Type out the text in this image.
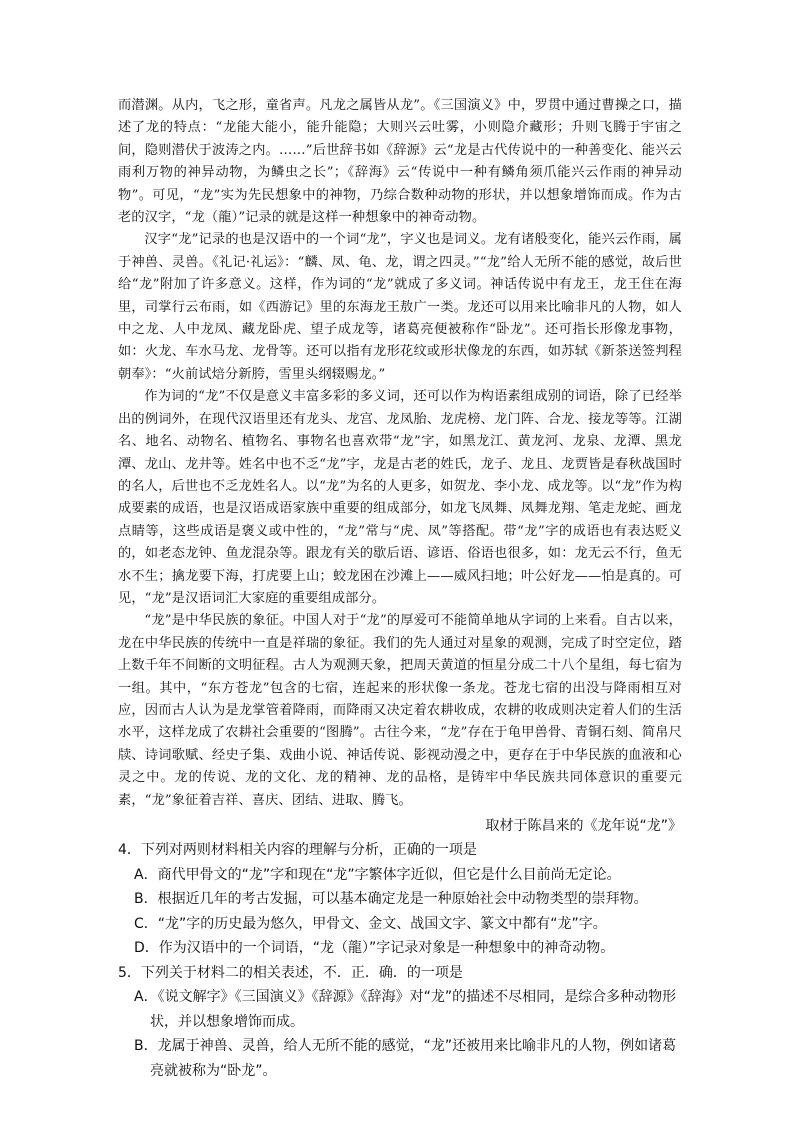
而潜渊。从内，飞之形，童省声。凡龙之属皆从龙”。《三国演义》中，罗贯中通过曹操之口，描述了龙的特点：“龙能大能小，能升能隐；大则兴云吐雾，小则隐介藏形；升则飞腾于宇宙之间，隐则潜伏于波涛之内。……”后世辞书如《辞源》云“龙是古代传说中的一种善变化、能兴云雨利万物的神异动物，为鳞虫之长”；《辞海》云“传说中一种有鳞角须爪能兴云作雨的神异动物”。可见，“龙”实为先民想象中的神物，乃综合数种动物的形状，并以想象增饰而成。作为古老的汉字，“龙（龍）”记录的就是这样一种想象中的神奇动物。

汉字“龙”记录的也是汉语中的一个词“龙”，字义也是词义。龙有诸般变化，能兴云作雨，属于神兽、灵兽。《礼记·礼运》：“麟、凤、龟、龙，谓之四灵。”“龙”给人无所不能的感觉，故后世给“龙”附加了许多意义。这样，作为词的“龙”就成了多义词。神话传说中有龙王，龙王住在海里，司掌行云布雨，如《西游记》里的东海龙王敖广一类。龙还可以用来比喻非凡的人物，如人中之龙、人中龙凤、藏龙卧虎、望子成龙等，诸葛亮便被称作“卧龙”。还可指长形像龙事物，如：火龙、车水马龙、龙骨等。还可以指有龙形花纹或形状像龙的东西，如苏轼《新茶送签判程朝奉》：“火前试焙分新胯，雪里头纲辍赐龙。”

作为词的“龙”不仅是意义丰富多彩的多义词，还可以作为构语素组成别的词语，除了已经举出的例词外，在现代汉语里还有龙头、龙宫、龙凤胎、龙虎榜、龙门阵、合龙、接龙等等。江湖名、地名、动物名、植物名、事物名也喜欢带“龙”字，如黑龙江、黄龙河、龙泉、龙潭、黑龙潭、龙山、龙井等。姓名中也不乏“龙”字，龙是古老的姓氏，龙子、龙且、龙贾皆是春秋战国时的名人，后世也不乏龙姓名人。以“龙”为名的人更多，如贺龙、李小龙、成龙等。以“龙”作为构成要素的成语，也是汉语成语家族中重要的组成部分，如龙飞凤舞、凤舞龙翔、笔走龙蛇、画龙点睛等，这些成语是褒义或中性的，“龙”常与“虎、凤”等搭配。带“龙”字的成语也有表达贬义的，如老态龙钟、鱼龙混杂等。跟龙有关的歇后语、谚语、俗语也很多，如：龙无云不行，鱼无水不生；擒龙要下海，打虎要上山；蛟龙困在沙滩上——威风扫地；叶公好龙——怕是真的。可见，“龙”是汉语词汇大家庭的重要组成部分。

“龙”是中华民族的象征。中国人对于“龙”的厚爱可不能简单地从字词的上来看。自古以来，龙在中华民族的传统中一直是祥瑞的象征。我们的先人通过对星象的观测，完成了时空定位，踏上数千年不间断的文明征程。古人为观测天象，把周天黄道的恒星分成二十八个星组，每七宿为一组。其中，“东方苍龙”包含的七宿，连起来的形状像一条龙。苍龙七宿的出没与降雨相互对应，因而古人认为是龙掌管着降雨，而降雨又决定着农耕收成，农耕的收成则决定着人们的生活水平，这样龙成了农耕社会重要的“图腾”。古往今来，“龙”存在于龟甲兽骨、青铜石刻、简帛尺牍、诗词歌赋、经史子集、戏曲小说、神话传说、影视动漫之中，更存在于中华民族的血液和心灵之中。龙的传说、龙的文化、龙的精神、龙的品格，是铸牢中华民族共同体意识的重要元素，“龙”象征着吉祥、喜庆、团结、进取、腾飞。

取材于陈昌来的《龙年说“龙”》

4．下列对两则材料相关内容的理解与分析，正确的一项是

A．商代甲骨文的“龙”字和现在“龙”字繁体字近似，但它是什么目前尚无定论。

B．根据近几年的考古发掘，可以基本确定龙是一种原始社会中动物类型的崇拜物。

C．“龙”字的历史最为悠久，甲骨文、金文、战国文字、篆文中都有“龙”字。

D．作为汉语中的一个词语，“龙（龍）”字记录对象是一种想象中的神奇动物。

5．下列关于材料二的相关表述，不．正．确．的一项是

A．《说文解字》《三国演义》《辞源》《辞海》对“龙”的描述不尽相同，是综合多种动物形状，并以想象增饰而成。

B．龙属于神兽、灵兽，给人无所不能的感觉，“龙”还被用来比喻非凡的人物，例如诸葛亮就被称为“卧龙”。
